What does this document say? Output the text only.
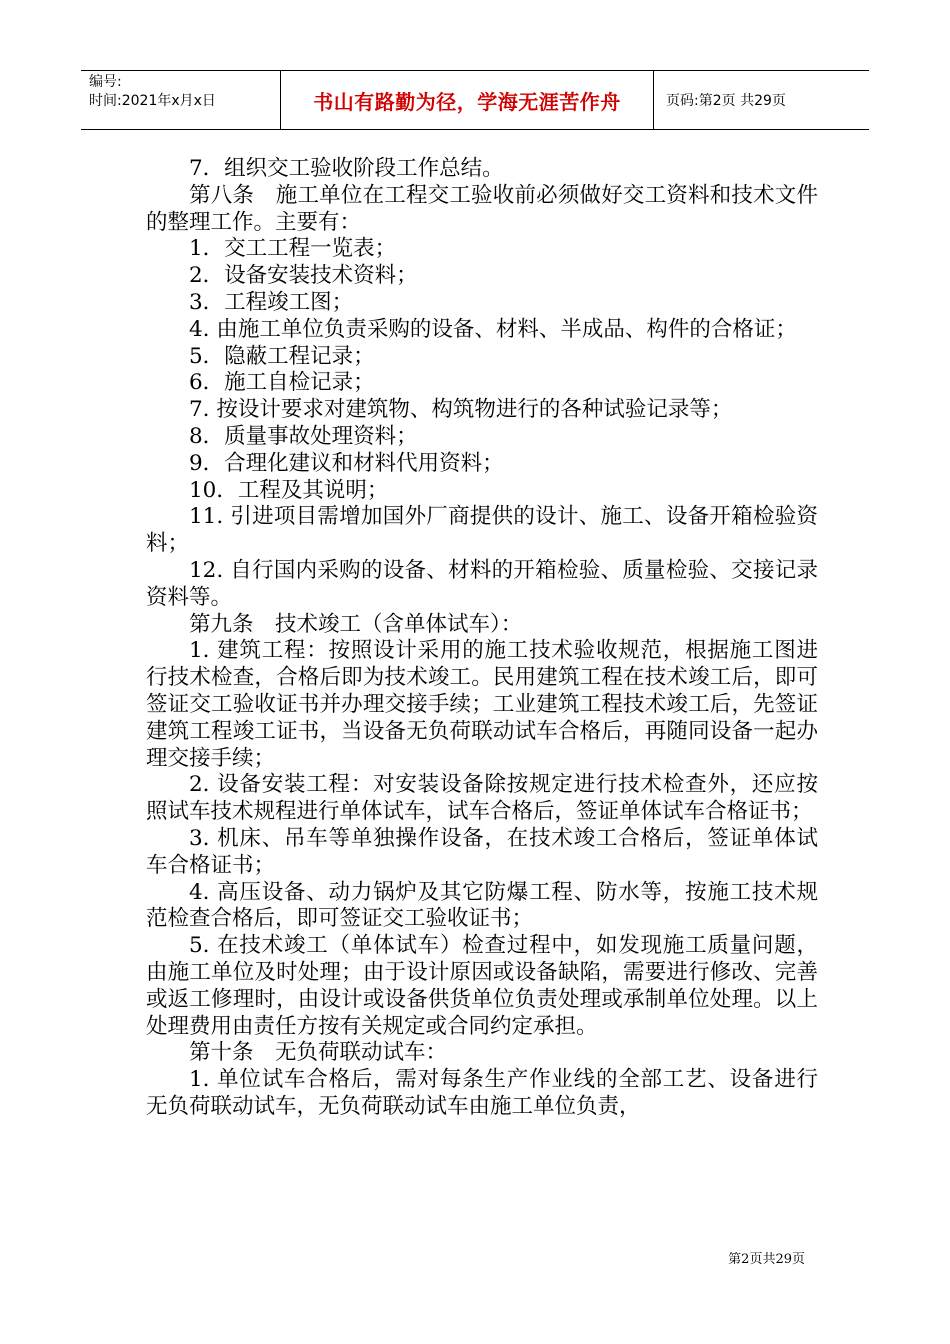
编号:
时间:2021年x月x日	书山有路勤为径，学海无涯苦作舟	页码:第2页 共29页

7．组织交工验收阶段工作总结。

第八条　施工单位在工程交工验收前必须做好交工资料和技术文件的整理工作。主要有：

1．交工工程一览表；

2．设备安装技术资料；

3．工程竣工图；

4. 由施工单位负责采购的设备、材料、半成品、构件的合格证；

5．隐蔽工程记录；

6．施工自检记录；

7. 按设计要求对建筑物、构筑物进行的各种试验记录等；

8．质量事故处理资料；

9．合理化建议和材料代用资料；

10．工程及其说明；

11. 引进项目需增加国外厂商提供的设计、施工、设备开箱检验资料；

12. 自行国内采购的设备、材料的开箱检验、质量检验、交接记录资料等。

第九条　技术竣工（含单体试车）：

1. 建筑工程：按照设计采用的施工技术验收规范，根据施工图进行技术检查，合格后即为技术竣工。民用建筑工程在技术竣工后，即可签证交工验收证书并办理交接手续；工业建筑工程技术竣工后，先签证建筑工程竣工证书，当设备无负荷联动试车合格后，再随同设备一起办理交接手续；

2. 设备安装工程：对安装设备除按规定进行技术检查外，还应按照试车技术规程进行单体试车，试车合格后，签证单体试车合格证书；

3. 机床、吊车等单独操作设备，在技术竣工合格后，签证单体试车合格证书；

4. 高压设备、动力锅炉及其它防爆工程、防水等，按施工技术规范检查合格后，即可签证交工验收证书；

5. 在技术竣工（单体试车）检查过程中，如发现施工质量问题，由施工单位及时处理；由于设计原因或设备缺陷，需要进行修改、完善或返工修理时，由设计或设备供货单位负责处理或承制单位处理。以上处理费用由责任方按有关规定或合同约定承担。

第十条　无负荷联动试车：

1. 单位试车合格后，需对每条生产作业线的全部工艺、设备进行无负荷联动试车，无负荷联动试车由施工单位负责，

第2页共29页
